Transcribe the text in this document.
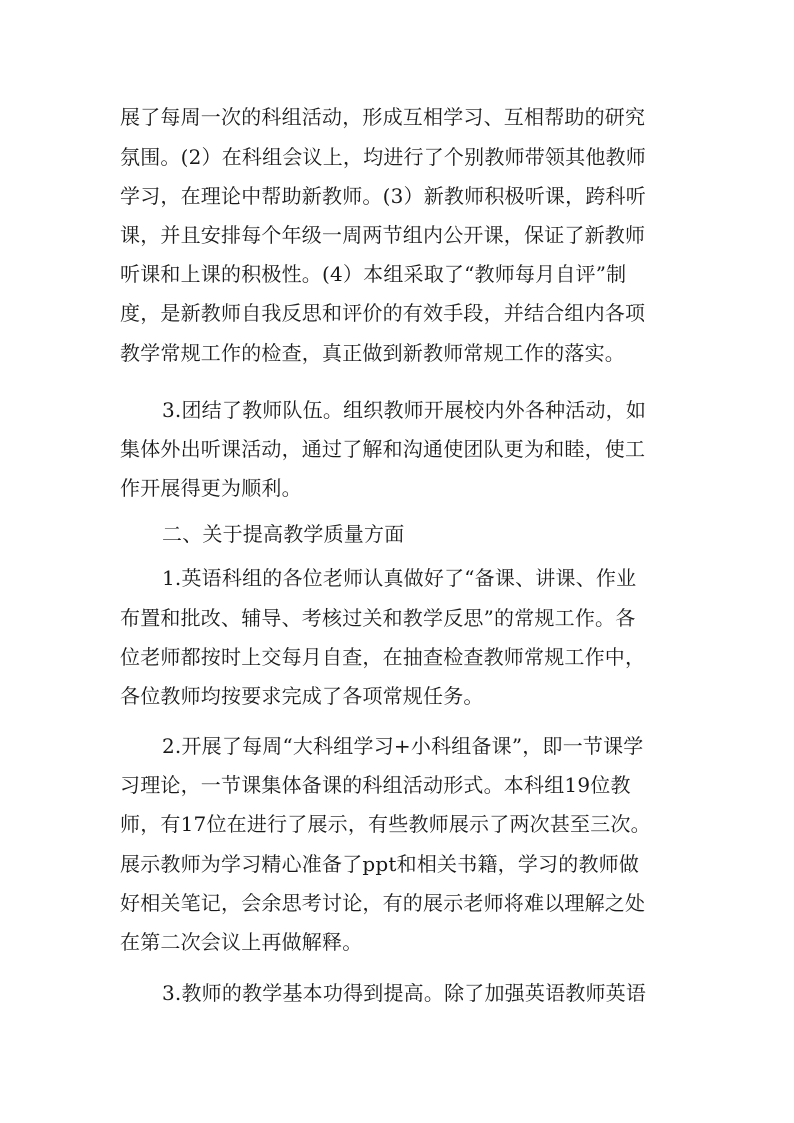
展了每周一次的科组活动，形成互相学习、互相帮助的研究
氛围。(2）在科组会议上，均进行了个别教师带领其他教师
学习，在理论中帮助新教师。(3）新教师积极听课，跨科听
课，并且安排每个年级一周两节组内公开课，保证了新教师
听课和上课的积极性。(4）本组采取了“教师每月自评”制
度，是新教师自我反思和评价的有效手段，并结合组内各项
教学常规工作的检查，真正做到新教师常规工作的落实。
3.团结了教师队伍。组织教师开展校内外各种活动，如
集体外出听课活动，通过了解和沟通使团队更为和睦，使工
作开展得更为顺利。
二、关于提高教学质量方面
1.英语科组的各位老师认真做好了“备课、讲课、作业
布置和批改、辅导、考核过关和教学反思”的常规工作。各
位老师都按时上交每月自查，在抽查检查教师常规工作中，
各位教师均按要求完成了各项常规任务。
2.开展了每周“大科组学习+小科组备课”，即一节课学
习理论，一节课集体备课的科组活动形式。本科组19位教
师，有17位在进行了展示，有些教师展示了两次甚至三次。
展示教师为学习精心准备了ppt和相关书籍，学习的教师做
好相关笔记，会余思考讨论，有的展示老师将难以理解之处
在第二次会议上再做解释。
3.教师的教学基本功得到提高。除了加强英语教师英语
